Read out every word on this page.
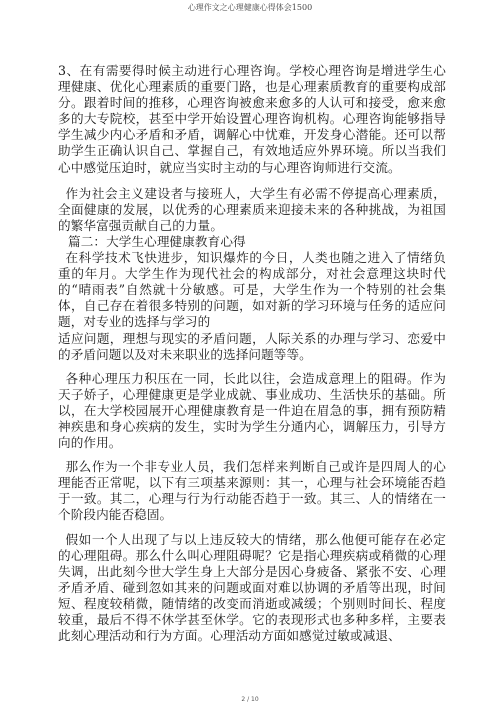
心理作文之心理健康心得体会1500

3、在有需要得时候主动进行心理咨询。学校心理咨询是增进学生心理健康、优化心理素质的重要门路，也是心理素质教育的重要构成部分。跟着时间的推移，心理咨询被愈来愈多的人认可和接受，愈来愈多的大专院校，甚至中学开始设置心理咨询机构。心理咨询能够指导学生减少内心矛盾和矛盾，调解心中忧难，开发身心潜能。还可以帮助学生正确认识自己、掌握自己，有效地适应外界环境。所以当我们心中感觉压迫时，就应当实时主动的与心理咨询师进行交流。

作为社会主义建设者与接班人，大学生有必需不停提高心理素质，全面健康的发展，以优秀的心理素质来迎接未来的各种挑战，为祖国的繁华富强贡献自己的力量。

篇二：大学生心理健康教育心得

在科学技术飞快进步，知识爆炸的今日，人类也随之进入了情绪负重的年月。大学生作为现代社会的构成部分，对社会意理这块时代的“晴雨表”自然就十分敏感。可是，大学生作为一个特别的社会集体，自己存在着很多特别的问题，如对新的学习环境与任务的适应问题，对专业的选择与学习的

适应问题，理想与现实的矛盾问题，人际关系的办理与学习、恋爱中的矛盾问题以及对未来职业的选择问题等等。

各种心理压力积压在一同，长此以往，会造成意理上的阻碍。作为天子娇子，心理健康更是学业成就、事业成功、生活快乐的基础。所以，在大学校园展开心理健康教育是一件迫在眉急的事，拥有预防精神疾患和身心疾病的发生，实时为学生分通内心，调解压力，引导方向的作用。

那么作为一个非专业人员，我们怎样来判断自己或许是四周人的心理能否正常呢，以下有三项基来源则：其一，心理与社会环境能否趋于一致。其二，心理与行为行动能否趋于一致。其三、人的情绪在一个阶段内能否稳固。

假如一个人出现了与以上违反较大的情绪，那么他便可能存在必定的心理阻碍。那么什么叫心理阻碍呢？它是指心理疾病或稍微的心理失调，出此刻今世大学生身上大部分是因心身疲备、紧张不安、心理矛盾矛盾、碰到忽如其来的问题或面对难以协调的矛盾等出现，时间短、程度较稍微，随情绪的改变而消逝或减缓；个别则时间长、程度较重，最后不得不休学甚至休学。它的表现形式也多种多样，主要表此刻心理活动和行为方面。心理活动方面如感觉过敏或减退、

2 / 10
